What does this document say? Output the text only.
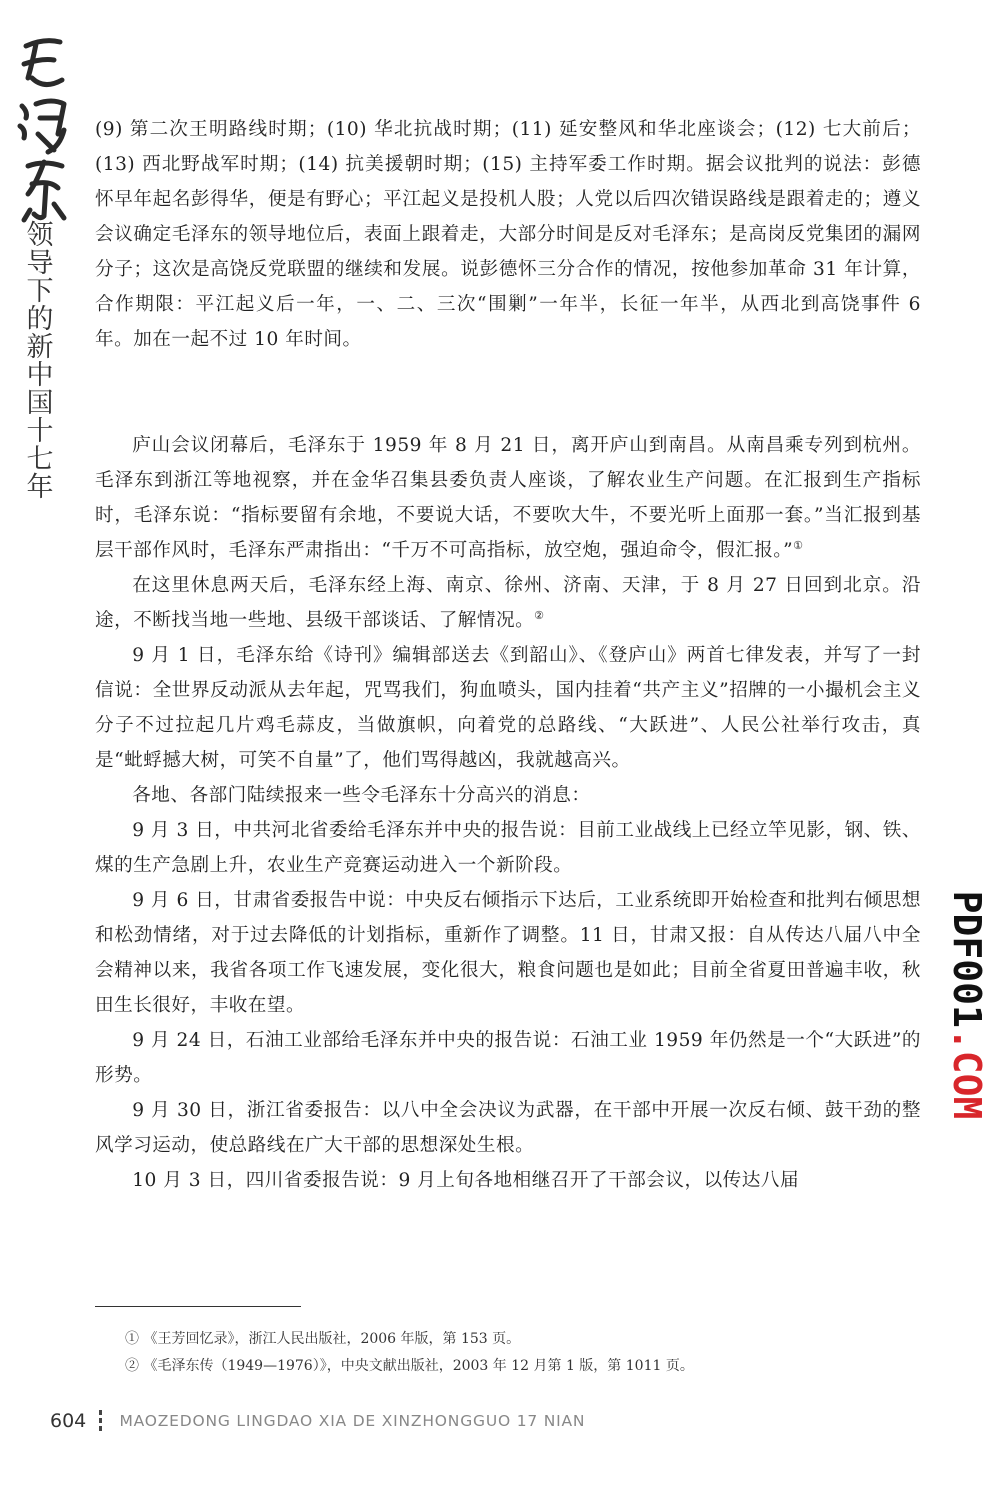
领
导
下
的
新
中
国
十
七
年

(9) 第二次王明路线时期；(10) 华北抗战时期；(11) 延安整风和华北座谈会；(12) 七大前后；(13) 西北野战军时期；(14) 抗美援朝时期；(15) 主持军委工作时期。据会议批判的说法：彭德怀早年起名彭得华，便是有野心；平江起义是投机人股；人党以后四次错误路线是跟着走的；遵义会议确定毛泽东的领导地位后，表面上跟着走，大部分时间是反对毛泽东；是高岗反党集团的漏网分子；这次是高饶反党联盟的继续和发展。说彭德怀三分合作的情况，按他参加革命 31 年计算，合作期限：平江起义后一年，一、二、三次“围剿”一年半，长征一年半，从西北到高饶事件 6 年。加在一起不过 10 年时间。

庐山会议闭幕后，毛泽东于 1959 年 8 月 21 日，离开庐山到南昌。从南昌乘专列到杭州。毛泽东到浙江等地视察，并在金华召集县委负责人座谈，了解农业生产问题。在汇报到生产指标时，毛泽东说：“指标要留有余地，不要说大话，不要吹大牛，不要光听上面那一套。”当汇报到基层干部作风时，毛泽东严肃指出：“千万不可高指标，放空炮，强迫命令，假汇报。”①

在这里休息两天后，毛泽东经上海、南京、徐州、济南、天津，于 8 月 27 日回到北京。沿途，不断找当地一些地、县级干部谈话、了解情况。②

9 月 1 日，毛泽东给《诗刊》编辑部送去《到韶山》、《登庐山》两首七律发表，并写了一封信说：全世界反动派从去年起，咒骂我们，狗血喷头，国内挂着“共产主义”招牌的一小撮机会主义分子不过拉起几片鸡毛蒜皮，当做旗帜，向着党的总路线、“大跃进”、人民公社举行攻击，真是“蚍蜉撼大树，可笑不自量”了，他们骂得越凶，我就越高兴。

各地、各部门陆续报来一些令毛泽东十分高兴的消息：

9 月 3 日，中共河北省委给毛泽东并中央的报告说：目前工业战线上已经立竿见影，钢、铁、煤的生产急剧上升，农业生产竞赛运动进入一个新阶段。

9 月 6 日，甘肃省委报告中说：中央反右倾指示下达后，工业系统即开始检查和批判右倾思想和松劲情绪，对于过去降低的计划指标，重新作了调整。11 日，甘肃又报：自从传达八届八中全会精神以来，我省各项工作飞速发展，变化很大，粮食问题也是如此；目前全省夏田普遍丰收，秋田生长很好，丰收在望。

9 月 24 日，石油工业部给毛泽东并中央的报告说：石油工业 1959 年仍然是一个“大跃进”的形势。

9 月 30 日，浙江省委报告：以八中全会决议为武器，在干部中开展一次反右倾、鼓干劲的整风学习运动，使总路线在广大干部的思想深处生根。

10 月 3 日，四川省委报告说：9 月上旬各地相继召开了干部会议，以传达八届

PDF001.COM
① 《王芳回忆录》，浙江人民出版社，2006 年版，第 153 页。
② 《毛泽东传（1949—1976）》，中央文献出版社，2003 年 12 月第 1 版，第 1011 页。
604 MAOZEDONG LINGDAO XIA DE XINZHONGGUO 17 NIAN
